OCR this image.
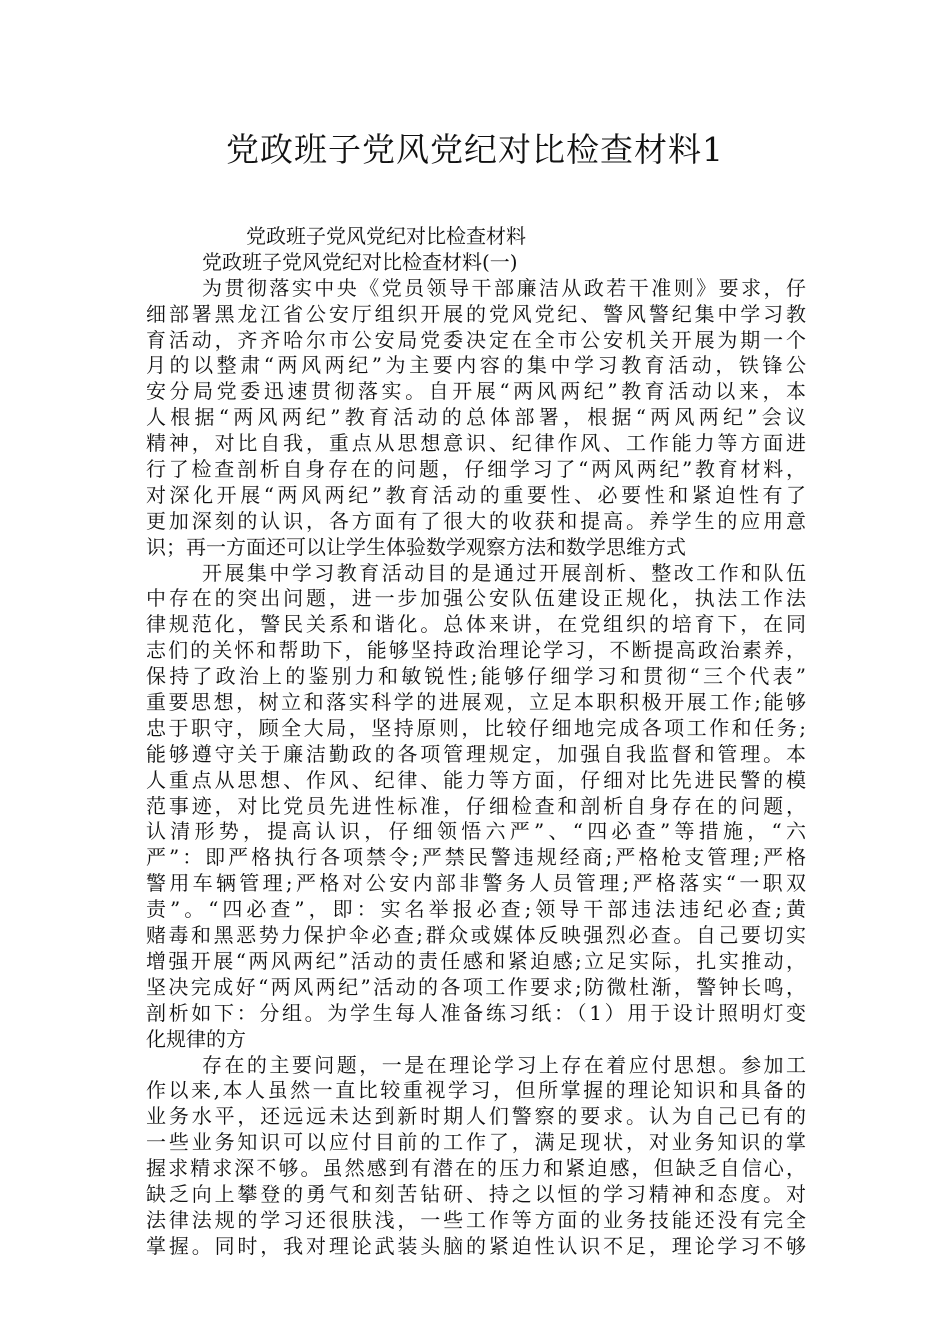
党政班子党风党纪对比检查材料1
党政班子党风党纪对比检查材料
党政班子党风党纪对比检查材料(一)
为贯彻落实中央《党员领导干部廉洁从政若干准则》要求，仔
细部署黑龙江省公安厅组织开展的党风党纪、警风警纪集中学习教
育活动，齐齐哈尔市公安局党委决定在全市公安机关开展为期一个
月的以整肃“两风两纪”为主要内容的集中学习教育活动，铁锋公
安分局党委迅速贯彻落实。自开展“两风两纪”教育活动以来，本
人根据“两风两纪”教育活动的总体部署，根据“两风两纪”会议
精神，对比自我，重点从思想意识、纪律作风、工作能力等方面进
行了检查剖析自身存在的问题，仔细学习了“两风两纪”教育材料，
对深化开展“两风两纪”教育活动的重要性、必要性和紧迫性有了
更加深刻的认识，各方面有了很大的收获和提高。养学生的应用意
识；再一方面还可以让学生体验数学观察方法和数学思维方式
开展集中学习教育活动目的是通过开展剖析、整改工作和队伍
中存在的突出问题，进一步加强公安队伍建设正规化，执法工作法
律规范化，警民关系和谐化。总体来讲，在党组织的培育下，在同
志们的关怀和帮助下，能够坚持政治理论学习，不断提高政治素养，
保持了政治上的鉴别力和敏锐性;能够仔细学习和贯彻“三个代表”
重要思想，树立和落实科学的进展观，立足本职积极开展工作;能够
忠于职守，顾全大局，坚持原则，比较仔细地完成各项工作和任务;
能够遵守关于廉洁勤政的各项管理规定，加强自我监督和管理。本
人重点从思想、作风、纪律、能力等方面，仔细对比先进民警的模
范事迹，对比党员先进性标准，仔细检查和剖析自身存在的问题，
认清形势，提高认识，仔细领悟六严”、“四必查”等措施，“六
严”：即严格执行各项禁令;严禁民警违规经商;严格枪支管理;严格
警用车辆管理;严格对公安内部非警务人员管理;严格落实“一职双
责”。“四必查”，即：实名举报必查;领导干部违法违纪必查;黄
赌毒和黑恶势力保护伞必查;群众或媒体反映强烈必查。自己要切实
增强开展“两风两纪”活动的责任感和紧迫感;立足实际，扎实推动，
坚决完成好“两风两纪”活动的各项工作要求;防微杜渐，警钟长鸣，
剖析如下：分组。为学生每人准备练习纸：（1）用于设计照明灯变
化规律的方
存在的主要问题，一是在理论学习上存在着应付思想。参加工
作以来,本人虽然一直比较重视学习，但所掌握的理论知识和具备的
业务水平，还远远未达到新时期人们警察的要求。认为自己已有的
一些业务知识可以应付目前的工作了，满足现状，对业务知识的掌
握求精求深不够。虽然感到有潜在的压力和紧迫感，但缺乏自信心，
缺乏向上攀登的勇气和刻苦钻研、持之以恒的学习精神和态度。对
法律法规的学习还很肤浅，一些工作等方面的业务技能还没有完全
掌握。同时，我对理论武装头脑的紧迫性认识不足，理论学习不够
